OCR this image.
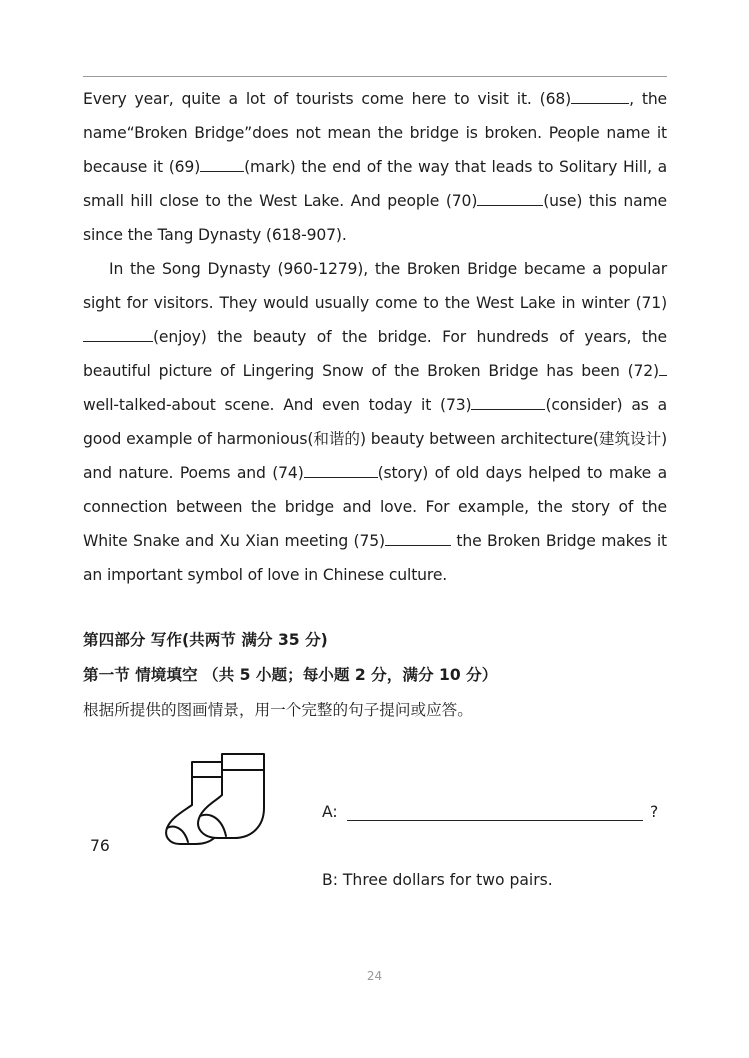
Every year, quite a lot of tourists come here to visit it. (68)	, the name“Broken Bridge”does not mean the bridge is broken. People name it because it (69)	(mark) the end of the way that leads to Solitary Hill, a small hill close to the West Lake. And people (70)	(use) this name since the Tang Dynasty (618-907).

In the Song Dynasty (960-1279), the Broken Bridge became a popular sight for visitors. They would usually come to the West Lake in winter (71)(enjoy) the beauty of the bridge. For hundreds of years, the beautiful picture of Lingering Snow of the Broken Bridge has been (72) well-talked-about scene. And even today it (73)	(consider) as a good example of harmonious(和谐的) beauty between architecture(建筑设计) and nature. Poems and (74)	(story) of old days helped to make a connection between the bridge and love. For example, the story of the White Snake and Xu Xian meeting (75)	the Broken Bridge makes it an important symbol of love in Chinese culture.

第四部分 写作(共两节 满分 35 分)
第一节 情境填空 （共 5 小题；每小题 2 分，满分 10 分）
根据所提供的图画情景，用一个完整的句子提问或应答。
76
A:	?
B: Three dollars for two pairs.
24
